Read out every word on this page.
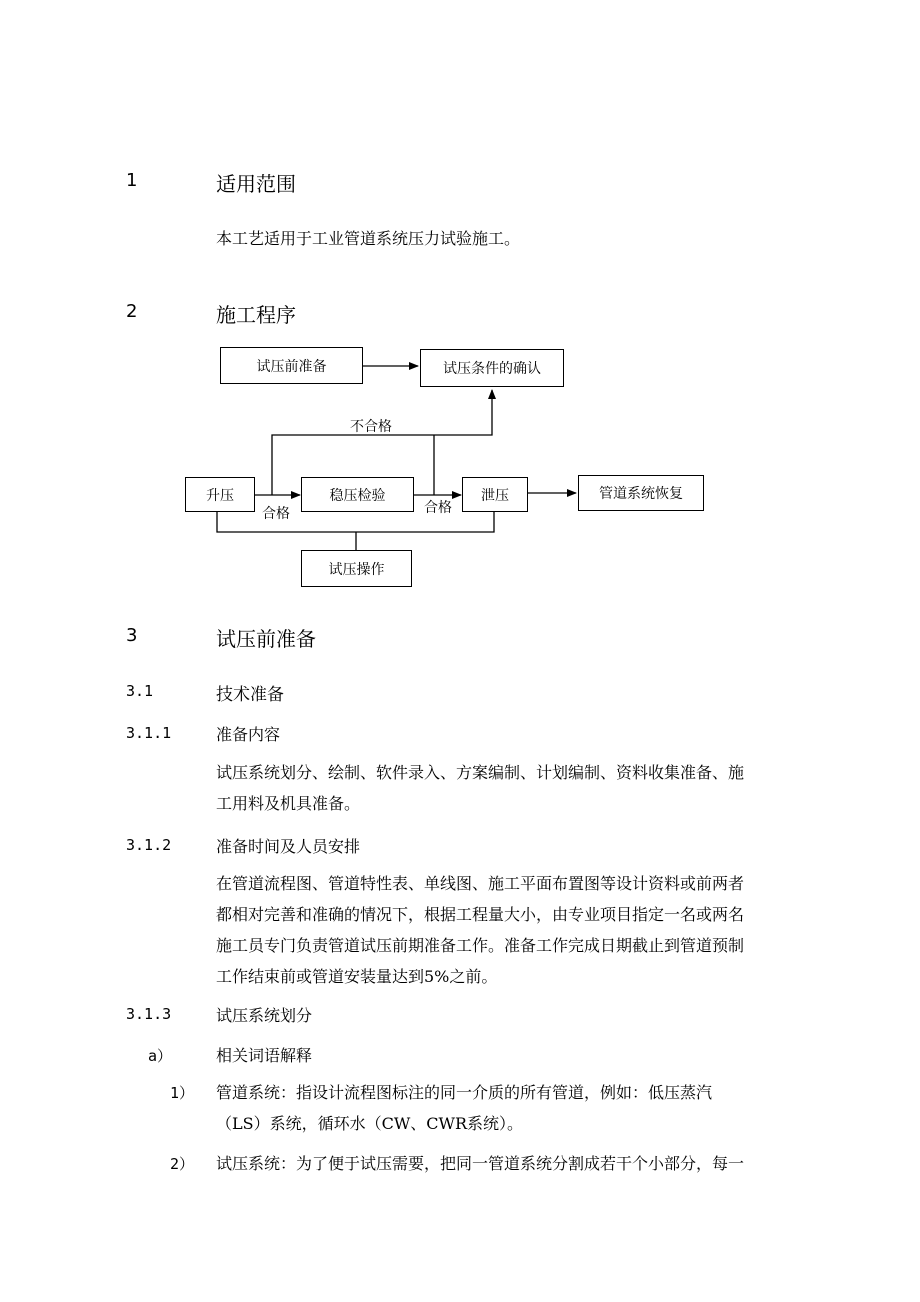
1	适用范围
本工艺适用于工业管道系统压力试验施工。
2	施工程序
试压前准备	试压条件的确认
不合格
升压	稳压检验	泄压	管道系统恢复
合格	合格
试压操作
3	试压前准备
3.1	技术准备
3.1.1	准备内容
试压系统划分、绘制、软件录入、方案编制、计划编制、资料收集准备、施
工用料及机具准备。
3.1.2	准备时间及人员安排
在管道流程图、管道特性表、单线图、施工平面布置图等设计资料或前两者
都相对完善和准确的情况下，根据工程量大小，由专业项目指定一名或两名
施工员专门负责管道试压前期准备工作。准备工作完成日期截止到管道预制
工作结束前或管道安装量达到5%之前。
3.1.3	试压系统划分
a）	相关词语解释
1） 管道系统：指设计流程图标注的同一介质的所有管道，例如：低压蒸汽
（LS）系统，循环水（CW、CWR系统）。
2） 试压系统：为了便于试压需要，把同一管道系统分割成若干个小部分，每一
